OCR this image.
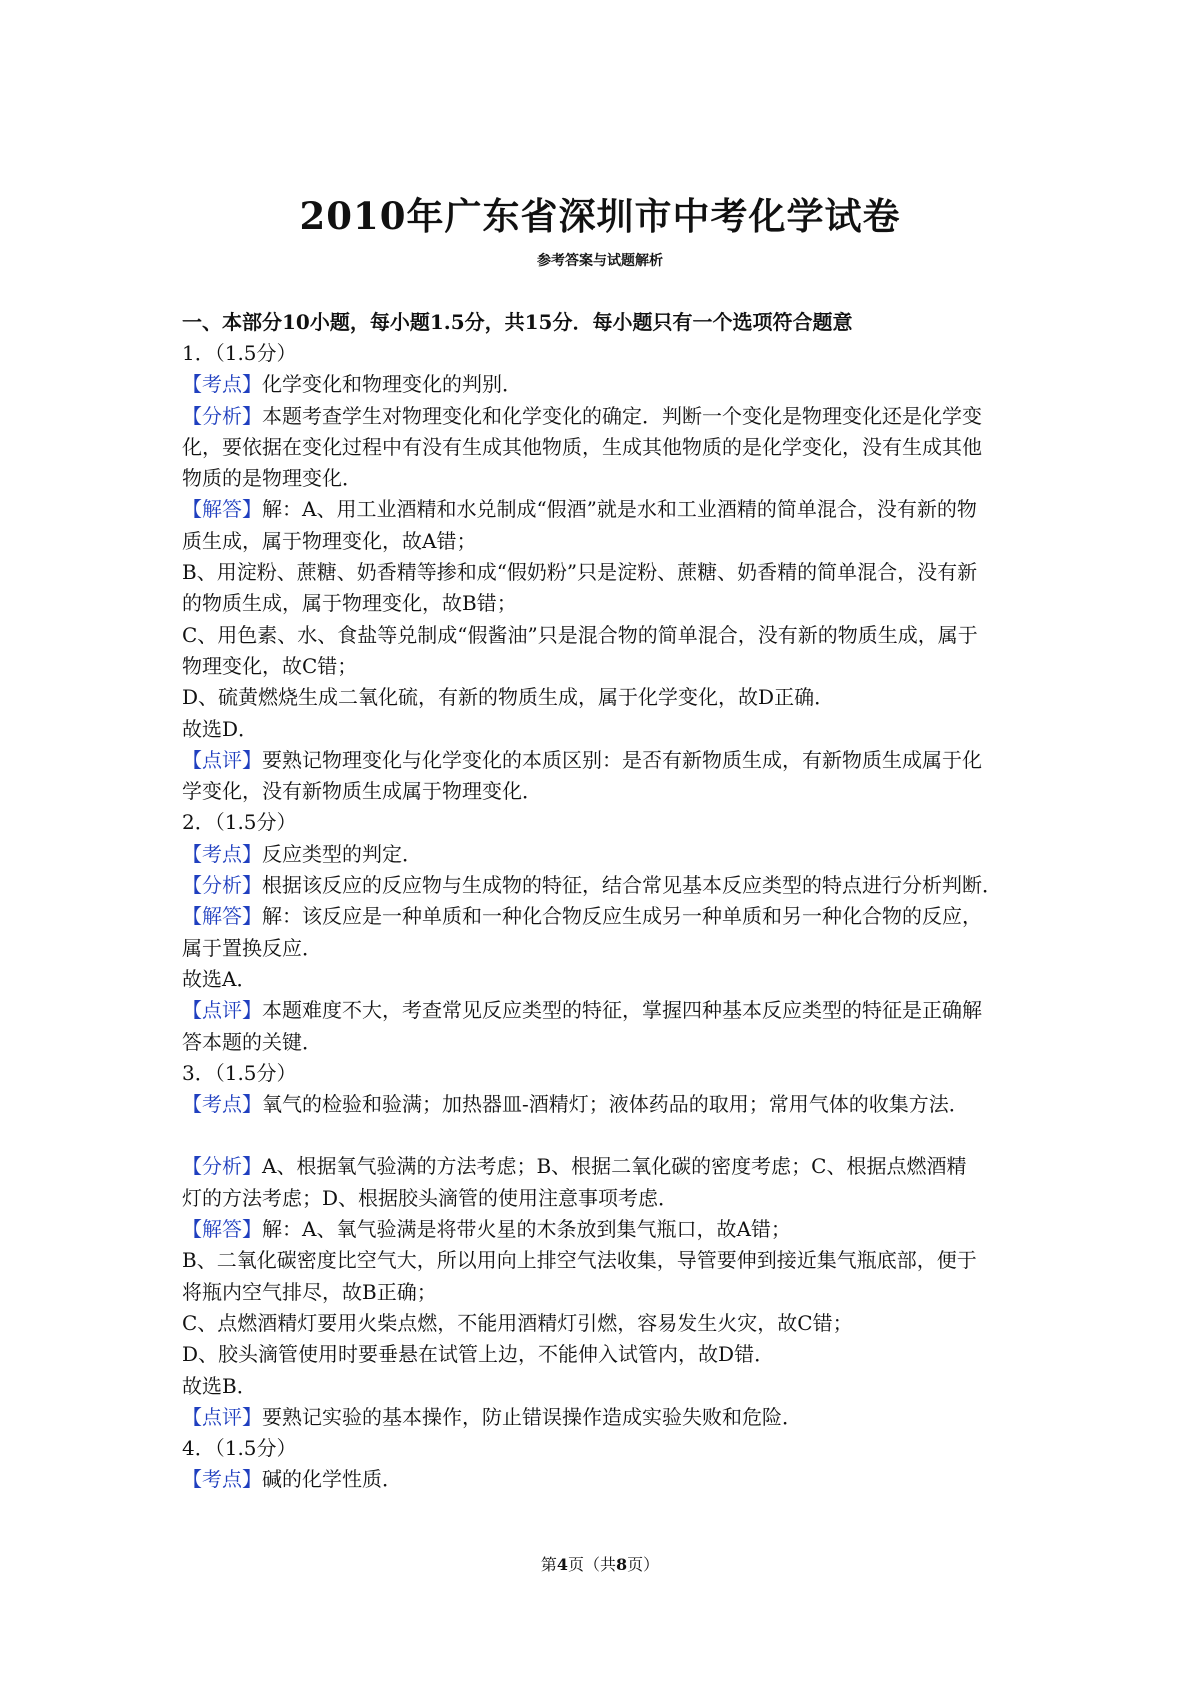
2010年广东省深圳市中考化学试卷
参考答案与试题解析
一、本部分10小题，每小题1.5分，共15分．每小题只有一个选项符合题意
1．（1.5分）
【考点】化学变化和物理变化的判别．
【分析】本题考查学生对物理变化和化学变化的确定．判断一个变化是物理变化还是化学变
化，要依据在变化过程中有没有生成其他物质，生成其他物质的是化学变化，没有生成其他
物质的是物理变化．
【解答】解：A、用工业酒精和水兑制成“假酒”就是水和工业酒精的简单混合，没有新的物
质生成，属于物理变化，故A错；
B、用淀粉、蔗糖、奶香精等掺和成“假奶粉”只是淀粉、蔗糖、奶香精的简单混合，没有新
的物质生成，属于物理变化，故B错；
C、用色素、水、食盐等兑制成“假酱油”只是混合物的简单混合，没有新的物质生成，属于
物理变化，故C错；
D、硫黄燃烧生成二氧化硫，有新的物质生成，属于化学变化，故D正确．
故选D．
【点评】要熟记物理变化与化学变化的本质区别：是否有新物质生成，有新物质生成属于化
学变化，没有新物质生成属于物理变化．
2．（1.5分）
【考点】反应类型的判定．
【分析】根据该反应的反应物与生成物的特征，结合常见基本反应类型的特点进行分析判断．
【解答】解：该反应是一种单质和一种化合物反应生成另一种单质和另一种化合物的反应，
属于置换反应．
故选A．
【点评】本题难度不大，考查常见反应类型的特征，掌握四种基本反应类型的特征是正确解
答本题的关键．
3．（1.5分）
【考点】氧气的检验和验满；加热器皿-酒精灯；液体药品的取用；常用气体的收集方法．
【分析】A、根据氧气验满的方法考虑；B、根据二氧化碳的密度考虑；C、根据点燃酒精
灯的方法考虑；D、根据胶头滴管的使用注意事项考虑．
【解答】解：A、氧气验满是将带火星的木条放到集气瓶口，故A错；
B、二氧化碳密度比空气大，所以用向上排空气法收集，导管要伸到接近集气瓶底部，便于
将瓶内空气排尽，故B正确；
C、点燃酒精灯要用火柴点燃，不能用酒精灯引燃，容易发生火灾，故C错；
D、胶头滴管使用时要垂悬在试管上边，不能伸入试管内，故D错．
故选B．
【点评】要熟记实验的基本操作，防止错误操作造成实验失败和危险．
4．（1.5分）
【考点】碱的化学性质．
第4页（共8页）
